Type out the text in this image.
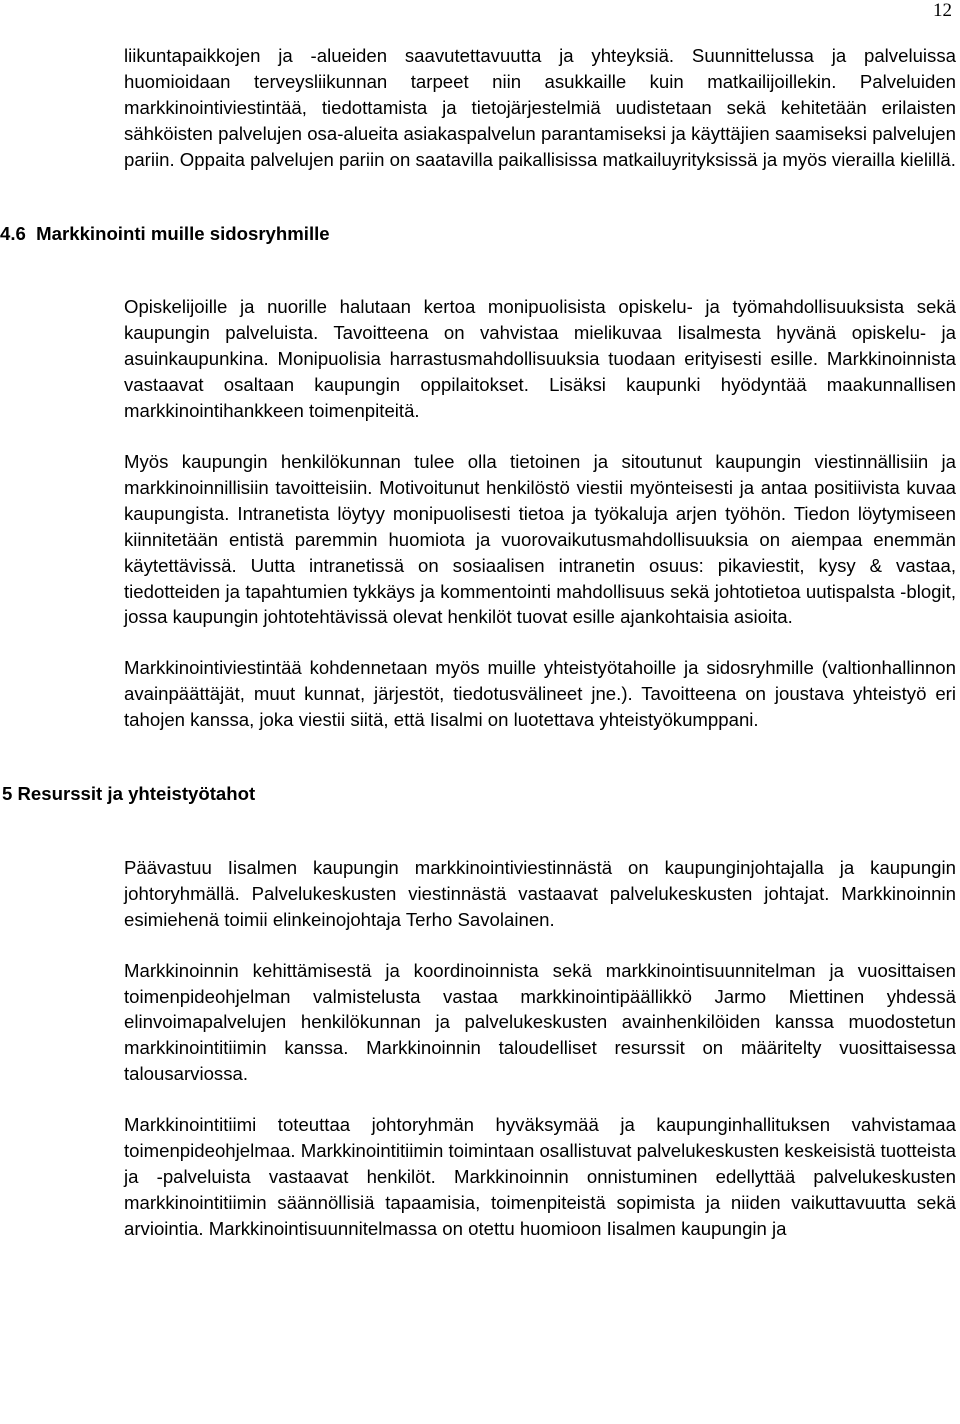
12

liikuntapaikkojen ja -alueiden saavutettavuutta ja yhteyksiä. Suunnittelussa ja palveluissa huomioidaan terveysliikunnan tarpeet niin asukkaille kuin matkailijoillekin. Palveluiden markkinointiviestintää, tiedottamista ja tietojärjestelmiä uudistetaan sekä kehitetään erilaisten sähköisten palvelujen osa-alueita asiakaspalvelun parantamiseksi ja käyttäjien saamiseksi palvelujen pariin. Oppaita palvelujen pariin on saatavilla paikallisissa matkailuyrityksissä ja myös vierailla kielillä.

4.6  Markkinointi muille sidosryhmille

Opiskelijoille ja nuorille halutaan kertoa monipuolisista opiskelu- ja työmahdollisuuksista sekä kaupungin palveluista. Tavoitteena on vahvistaa mielikuvaa Iisalmesta hyvänä opiskelu- ja asuinkaupunkina. Monipuolisia harrastusmahdollisuuksia tuodaan erityisesti esille. Markkinoinnista vastaavat osaltaan kaupungin oppilaitokset. Lisäksi kaupunki hyödyntää maakunnallisen markkinointihankkeen toimenpiteitä.

Myös kaupungin henkilökunnan tulee olla tietoinen ja sitoutunut kaupungin viestinnällisiin ja markkinoinnillisiin tavoitteisiin. Motivoitunut henkilöstö viestii myönteisesti ja antaa positiivista kuvaa kaupungista. Intranetista löytyy monipuolisesti tietoa ja työkaluja arjen työhön. Tiedon löytymiseen kiinnitetään entistä paremmin huomiota ja vuorovaikutusmahdollisuuksia on aiempaa enemmän käytettävissä. Uutta intranetissä on sosiaalisen intranetin osuus: pikaviestit, kysy & vastaa, tiedotteiden ja tapahtumien tykkäys ja kommentointi mahdollisuus sekä johtotietoa uutispalsta -blogit, jossa kaupungin johtotehtävissä olevat henkilöt tuovat esille ajankohtaisia asioita.

Markkinointiviestintää kohdennetaan myös muille yhteistyötahoille ja sidosryhmille (valtionhallinnon avainpäättäjät, muut kunnat, järjestöt, tiedotusvälineet jne.). Tavoitteena on joustava yhteistyö eri tahojen kanssa, joka viestii siitä, että Iisalmi on luotettava yhteistyökumppani.

5 Resurssit ja yhteistyötahot

Päävastuu Iisalmen kaupungin markkinointiviestinnästä on kaupunginjohtajalla ja kaupungin johtoryhmällä. Palvelukeskusten viestinnästä vastaavat palvelukeskusten johtajat. Markkinoinnin esimiehenä toimii elinkeinojohtaja Terho Savolainen.

Markkinoinnin kehittämisestä ja koordinoinnista sekä markkinointisuunnitelman ja vuosittaisen toimenpideohjelman valmistelusta vastaa markkinointipäällikkö Jarmo Miettinen yhdessä elinvoimapalvelujen henkilökunnan ja palvelukeskusten avainhenkilöiden kanssa muodostetun markkinointitiimin kanssa. Markkinoinnin taloudelliset resurssit on määritelty vuosittaisessa talousarviossa.

Markkinointitiimi toteuttaa johtoryhmän hyväksymää ja kaupunginhallituksen vahvistamaa toimenpideohjelmaa. Markkinointitiimin toimintaan osallistuvat palvelukeskusten keskeisistä tuotteista ja -palveluista vastaavat henkilöt. Markkinoinnin onnistuminen edellyttää palvelukeskusten markkinointitiimin säännöllisiä tapaamisia, toimenpiteistä sopimista ja niiden vaikuttavuutta sekä arviointia. Markkinointisuunnitelmassa on otettu huomioon Iisalmen kaupungin ja
